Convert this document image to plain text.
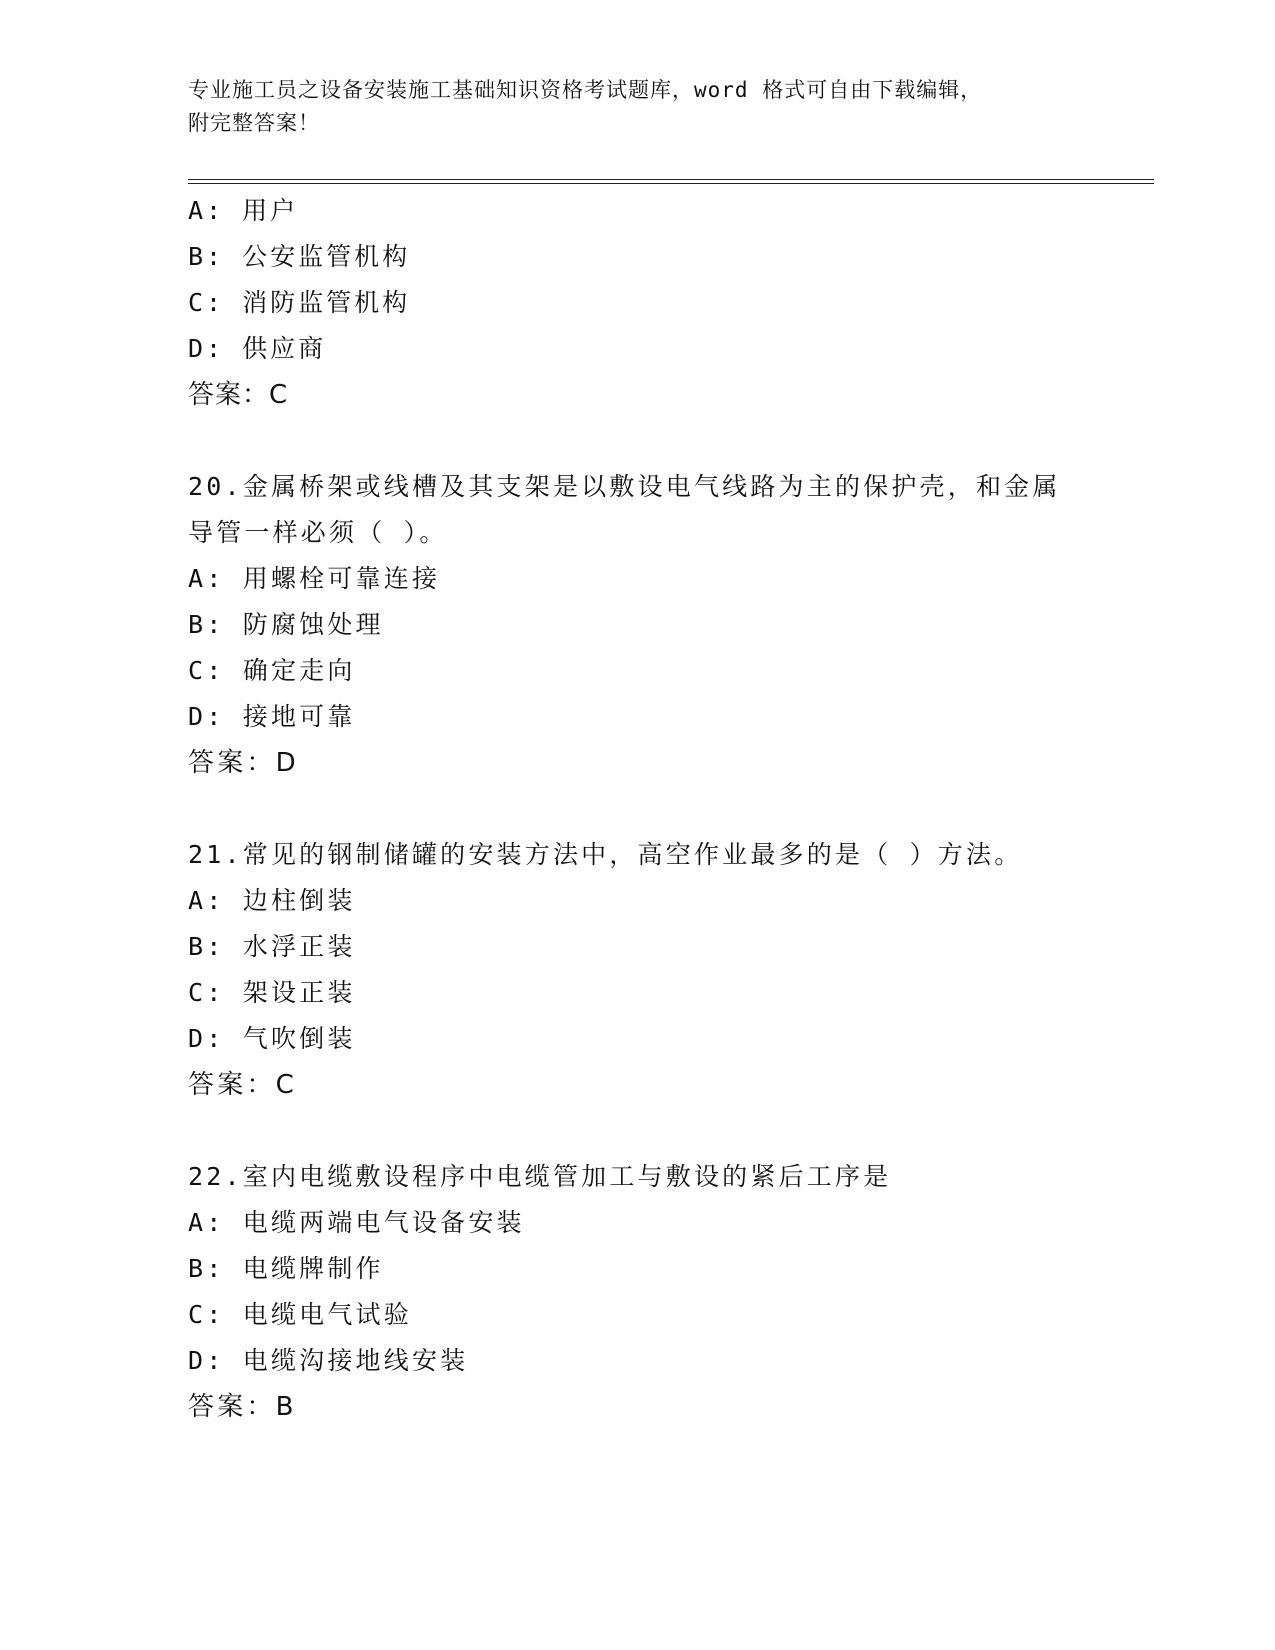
专业施工员之设备安装施工基础知识资格考试题库，word 格式可自由下载编辑，

附完整答案！

A: 用户
B: 公安监管机构
C: 消防监管机构
D: 供应商
答案：C
20.金属桥架或线槽及其支架是以敷设电气线路为主的保护壳，和金属
导管一样必须（ ）。
A: 用螺栓可靠连接
B: 防腐蚀处理
C: 确定走向
D: 接地可靠
答案：D
21.常见的钢制储罐的安装方法中，高空作业最多的是（ ）方法。
A: 边柱倒装
B: 水浮正装
C: 架设正装
D: 气吹倒装
答案：C
22.室内电缆敷设程序中电缆管加工与敷设的紧后工序是
A: 电缆两端电气设备安装
B: 电缆牌制作
C: 电缆电气试验
D: 电缆沟接地线安装
答案：B
